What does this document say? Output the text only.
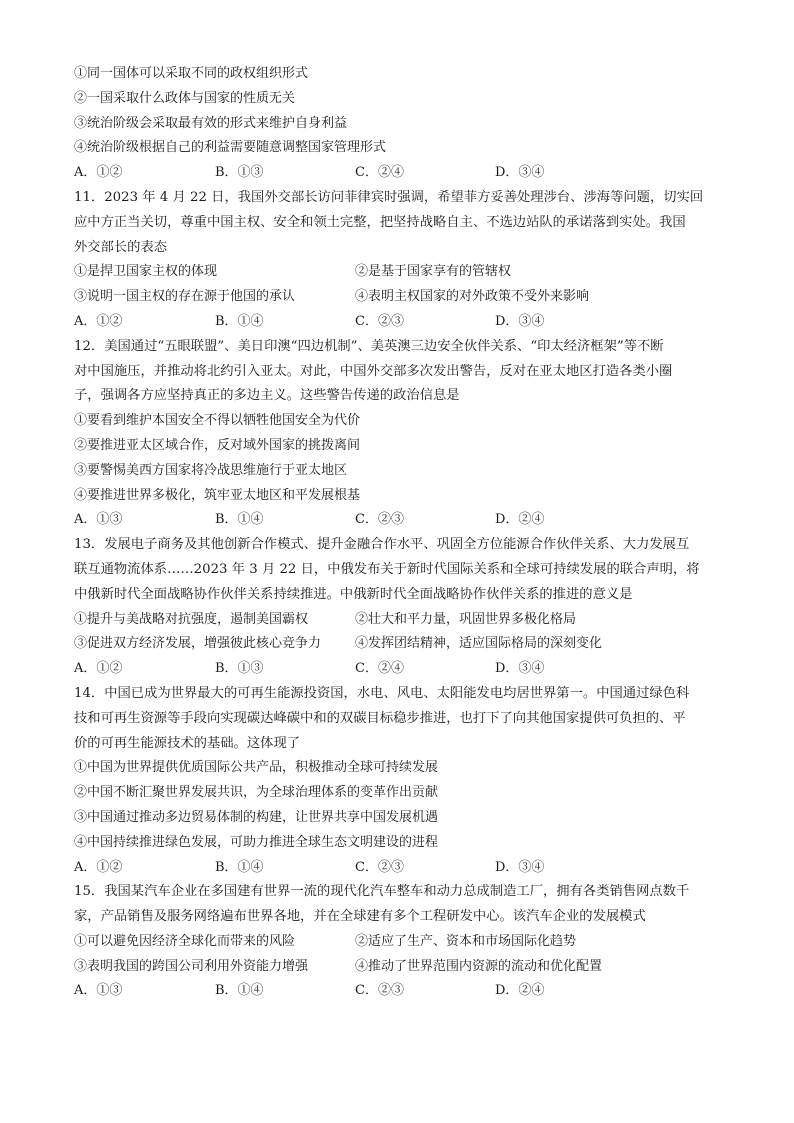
①同一国体可以采取不同的政权组织形式
②一国采取什么政体与国家的性质无关
③统治阶级会采取最有效的形式来维护自身利益
④统治阶级根据自己的利益需要随意调整国家管理形式
A．①②	B．①③	C．②④	D．③④
11．2023 年 4 月 22 日，我国外交部长访问菲律宾时强调，希望菲方妥善处理涉台、涉海等问题，切实回
应中方正当关切，尊重中国主权、安全和领土完整，把坚持战略自主、不选边站队的承诺落到实处。我国
外交部长的表态
①是捍卫国家主权的体现	②是基于国家享有的管辖权
③说明一国主权的存在源于他国的承认	④表明主权国家的对外政策不受外来影响
A．①②	B．①④	C．②③	D．③④
12．美国通过“五眼联盟”、美日印澳“四边机制”、美英澳三边安全伙伴关系、“印太经济框架”等不断
对中国施压，并推动将北约引入亚太。对此，中国外交部多次发出警告，反对在亚太地区打造各类小圈
子，强调各方应坚持真正的多边主义。这些警告传递的政治信息是
①要看到维护本国安全不得以牺牲他国安全为代价
②要推进亚太区域合作，反对域外国家的挑拨离间
③要警惕美西方国家将冷战思维施行于亚太地区
④要推进世界多极化，筑牢亚太地区和平发展根基
A．①③	B．①④	C．②③	D．②④
13．发展电子商务及其他创新合作模式、提升金融合作水平、巩固全方位能源合作伙伴关系、大力发展互
联互通物流体系……2023 年 3 月 22 日，中俄发布关于新时代国际关系和全球可持续发展的联合声明，将
中俄新时代全面战略协作伙伴关系持续推进。中俄新时代全面战略协作伙伴关系的推进的意义是
①提升与美战略对抗强度，遏制美国霸权	②壮大和平力量，巩固世界多极化格局
③促进双方经济发展，增强彼此核心竞争力	④发挥团结精神，适应国际格局的深刻变化
A．①②	B．①③	C．②④	D．③④
14．中国已成为世界最大的可再生能源投资国，水电、风电、太阳能发电均居世界第一。中国通过绿色科
技和可再生资源等手段向实现碳达峰碳中和的双碳目标稳步推进，也打下了向其他国家提供可负担的、平
价的可再生能源技术的基础。这体现了
①中国为世界提供优质国际公共产品，积极推动全球可持续发展
②中国不断汇聚世界发展共识，为全球治理体系的变革作出贡献
③中国通过推动多边贸易体制的构建，让世界共享中国发展机遇
④中国持续推进绿色发展，可助力推进全球生态文明建设的进程
A．①②	B．①④	C．②③	D．③④
15．我国某汽车企业在多国建有世界一流的现代化汽车整车和动力总成制造工厂，拥有各类销售网点数千
家，产品销售及服务网络遍布世界各地，并在全球建有多个工程研发中心。该汽车企业的发展模式
①可以避免因经济全球化而带来的风险	②适应了生产、资本和市场国际化趋势
③表明我国的跨国公司利用外资能力增强	④推动了世界范围内资源的流动和优化配置
A．①③	B．①④	C．②③	D．②④
